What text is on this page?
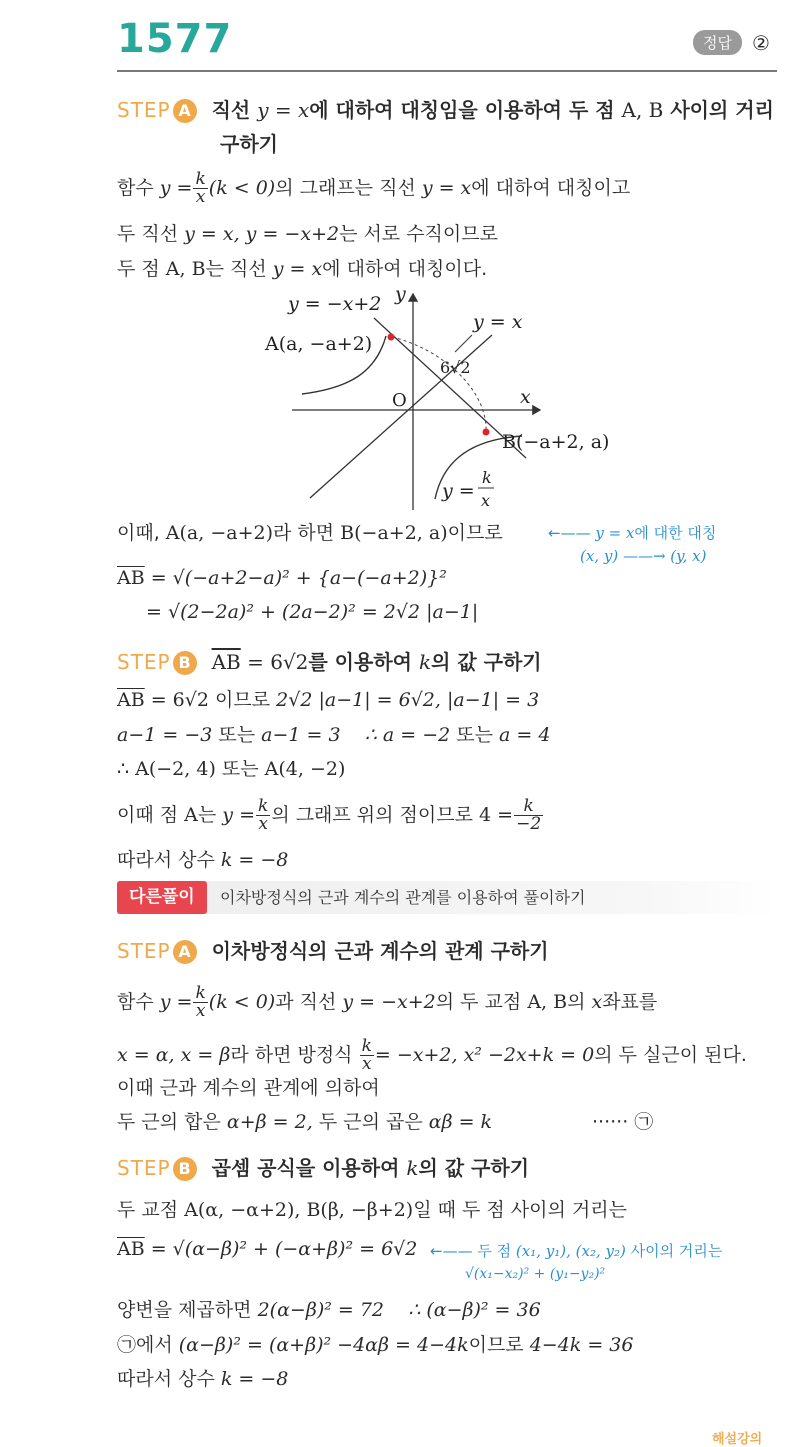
1577	정답	②
STEP A 직선 y = x에 대하여 대칭임을 이용하여 두 점 A, B 사이의 거리
구하기
함수 $y = \frac{k}{x} (k < 0)$의 그래프는 직선 y = x에 대하여 대칭이고
두 직선 y = x, y = −x+2는 서로 수직이므로
두 점 A, B는 직선 y = x에 대하여 대칭이다.
y = −x+2 y
A(a, −a+2)
y = x
6√2
O	x
B(−a+2, a)
y =
k
x
이때, A(a, −a+2)라 하면 B(−a+2, a)이므로	←—— y = x에 대한 대칭
(x, y) ——→ (y, x)
$\overline{AB} = √(-a+2-a)^2 + \{a-(-a+2)\}^2$
= √(2−2a)² + (2a−2)² = 2√2 |a−1|
STEP B $\overline{AB} = 6√2$를 이용하여 k의 값 구하기
$\overline{AB} = 6√2$ 이므로 2√2 |a−1| = 6√2, |a−1| = 3
a−1 = −3 또는 a−1 = 3 ∴ a = −2 또는 a = 4
∴ A(−2, 4) 또는 A(4, −2)
이때 점 A는 $y = \frac{k}{x}$ 의 그래프 위의 점이므로 $4 = \frac{k}{-2}$
따라서 상수 k = −8
다른풀이	이차방정식의 근과 계수의 관계를 이용하여 풀이하기
STEP A 이차방정식의 근과 계수의 관계 구하기
함수 $y = \frac{k}{x} (k < 0)$과 직선 y = −x+2의 두 교점 A, B의 x좌표를
x = α, x = β라 하면 방정식 $\frac{k}{x} = -x+2$, x² −2x+k = 0의 두 실근이 된다.
이때 근과 계수의 관계에 의하여
두 근의 합은 α+β = 2, 두 근의 곱은 αβ = k	······ ㉠
STEP B 곱셈 공식을 이용하여 k의 값 구하기
두 교점 A(α, −α+2), B(β, −β+2)일 때 두 점 사이의 거리는
$\overline{AB} = √(\alpha-\beta)^2 + (-\alpha+\beta)^2 = 6√2$ ←—— 두 점 (x₁, y₁), (x₂, y₂) 사이의 거리는
√(x₁−x₂)² + (y₁−y₂)²
양변을 제곱하면 2(α−β)² = 72 ∴ (α−β)² = 36
㉠에서 (α−β)² = (α+β)² −4αβ = 4−4k이므로 4−4k = 36
따라서 상수 k = −8
해설강의
